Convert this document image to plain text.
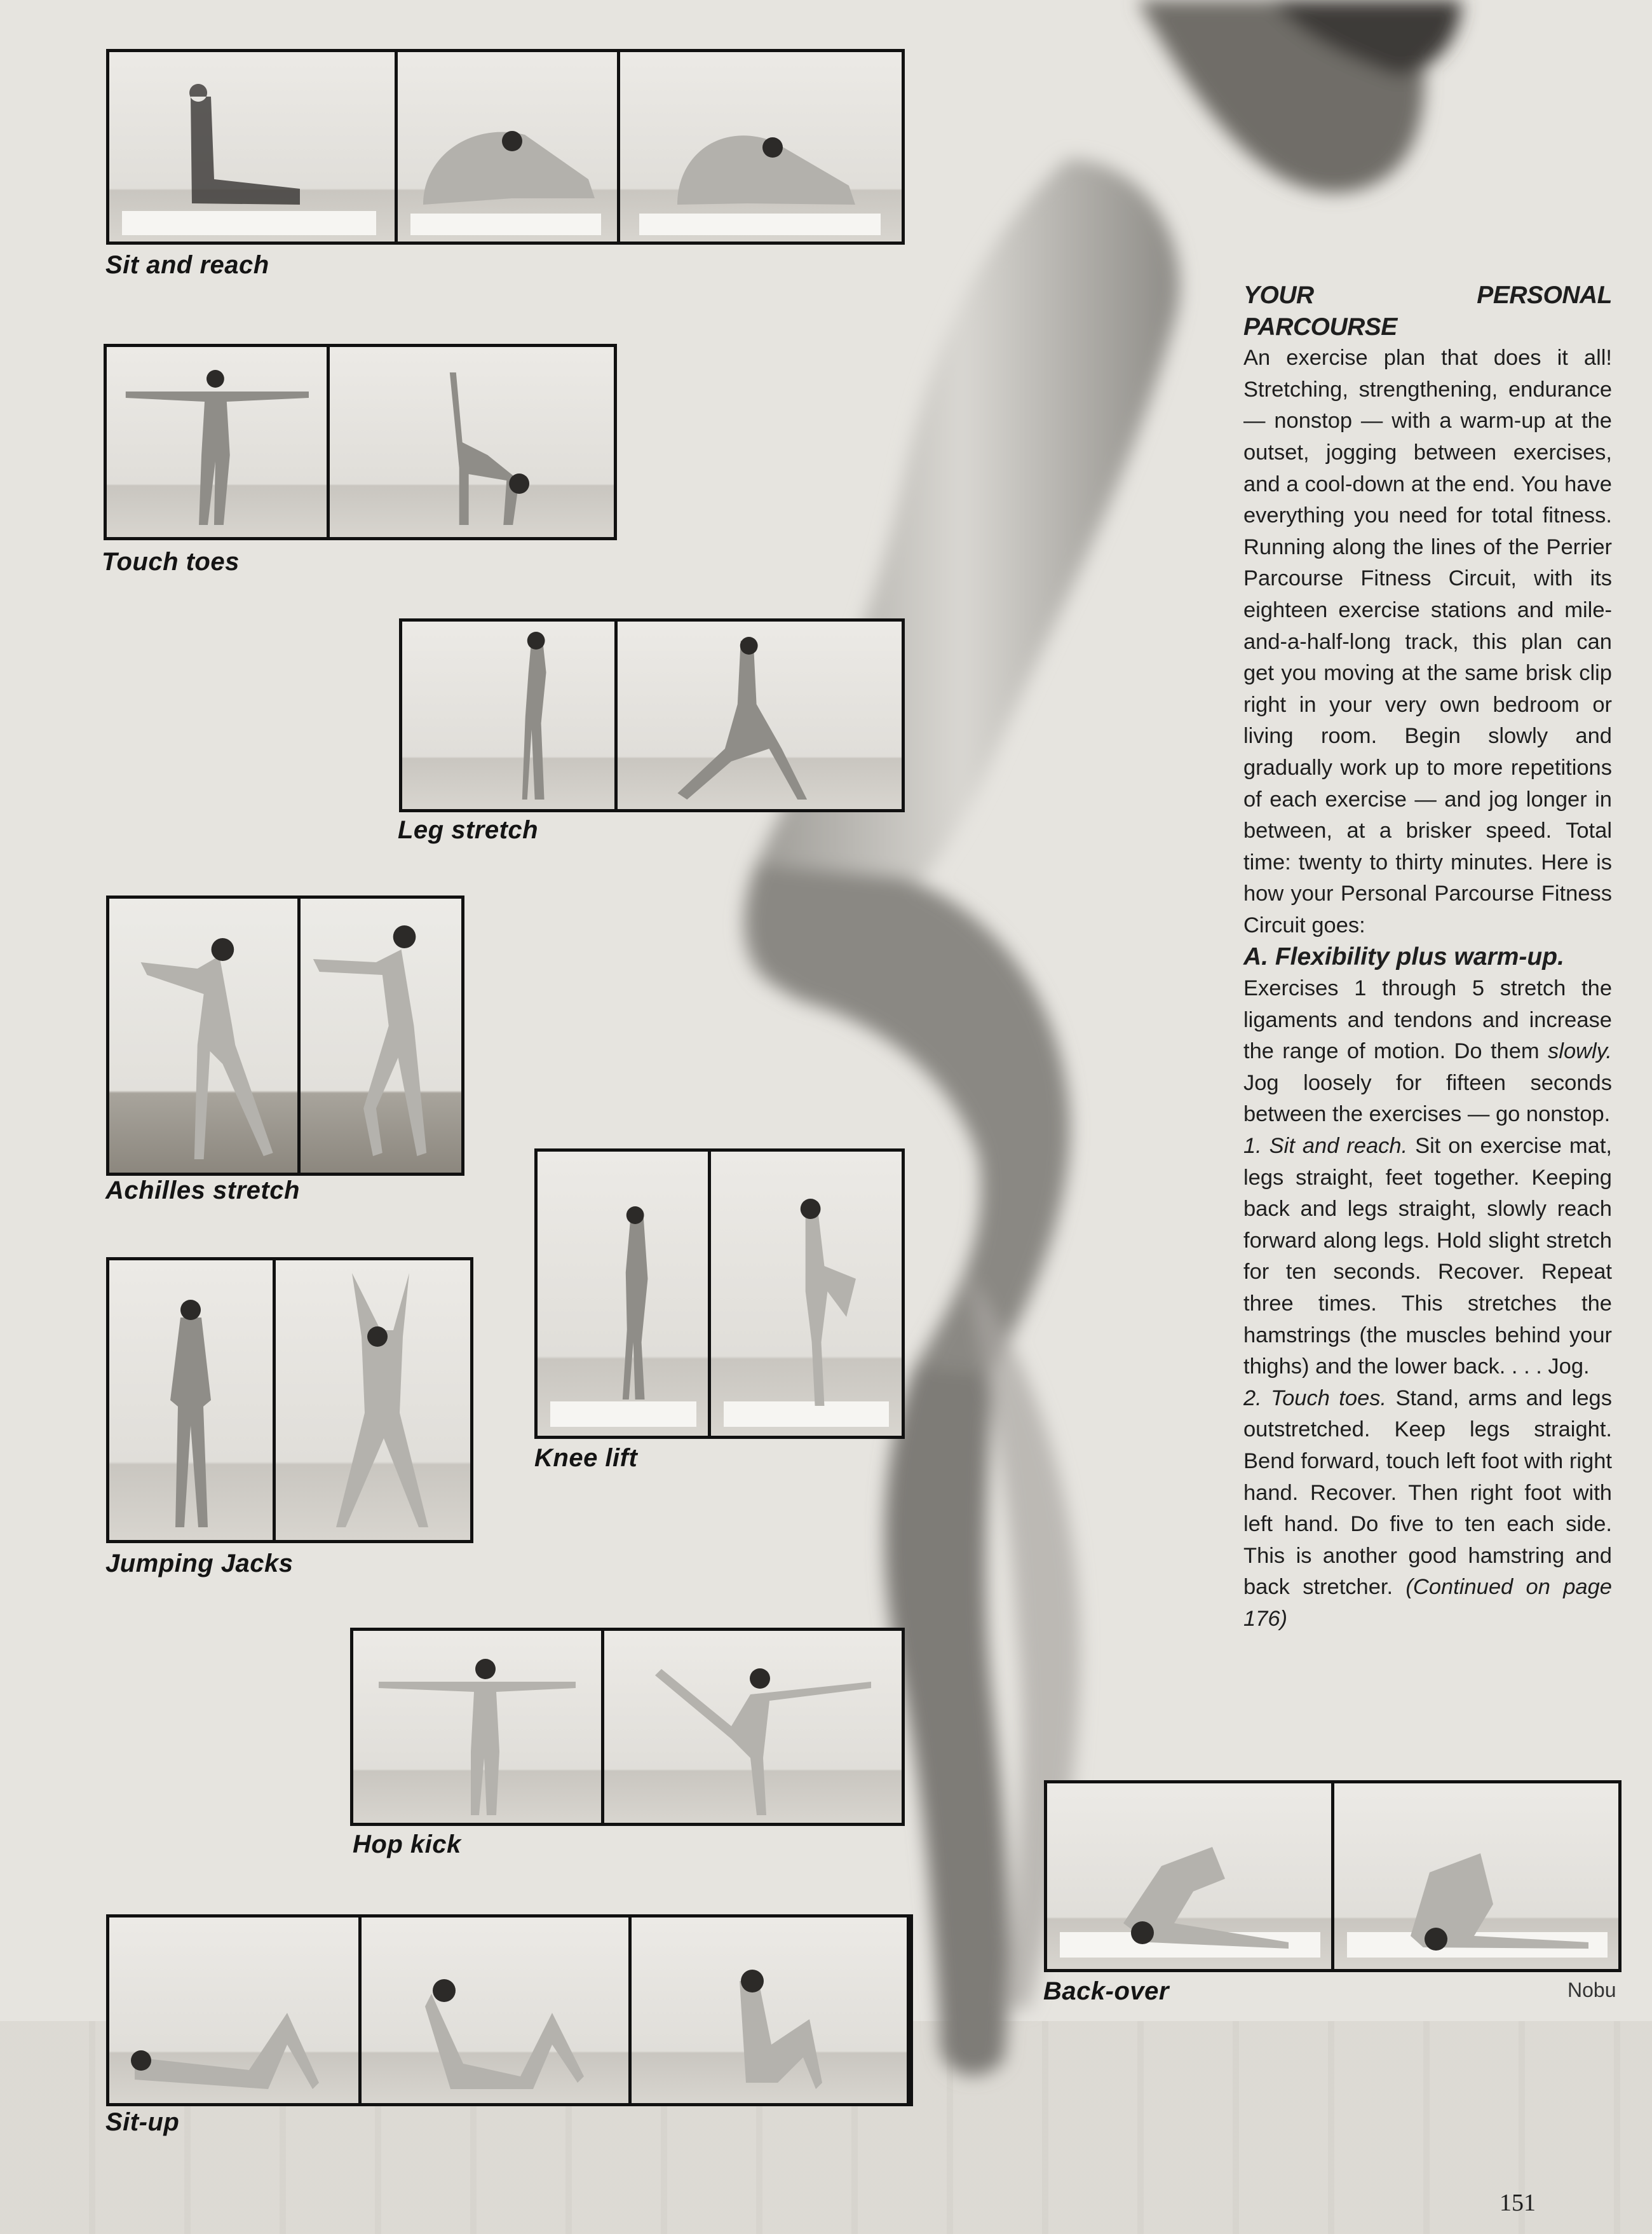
Sit and reach
Touch toes
Leg stretch
Achilles stretch
Knee lift
Jumping Jacks
Hop kick
Sit-up
Back-over

YOUR PERSONAL PARCOURSE

An exercise plan that does it all! Stretching, strengthening, endurance — nonstop — with a warm-up at the outset, jogging between exercises, and a cool-down at the end. You have everything you need for total fitness. Running along the lines of the Perrier Parcourse Fitness Circuit, with its eighteen exercise stations and mile-and-a-half-long track, this plan can get you moving at the same brisk clip right in your very own bedroom or living room. Begin slowly and gradually work up to more repetitions of each exercise — and jog longer in between, at a brisker speed. Total time: twenty to thirty minutes. Here is how your Personal Parcourse Fitness Circuit goes:

A. Flexibility plus warm-up.

Exercises 1 through 5 stretch the ligaments and tendons and increase the range of motion. Do them slowly. Jog loosely for fifteen seconds between the exercises — go nonstop.

1. Sit and reach. Sit on exercise mat, legs straight, feet together. Keeping back and legs straight, slowly reach forward along legs. Hold slight stretch for ten seconds. Recover. Repeat three times. This stretches the hamstrings (the muscles behind your thighs) and the lower back. . . . Jog.

2. Touch toes. Stand, arms and legs outstretched. Keep legs straight. Bend forward, touch left foot with right hand. Recover. Then right foot with left hand. Do five to ten each side. This is another good hamstring and back stretcher. (Continued on page 176)

Nobu
151
